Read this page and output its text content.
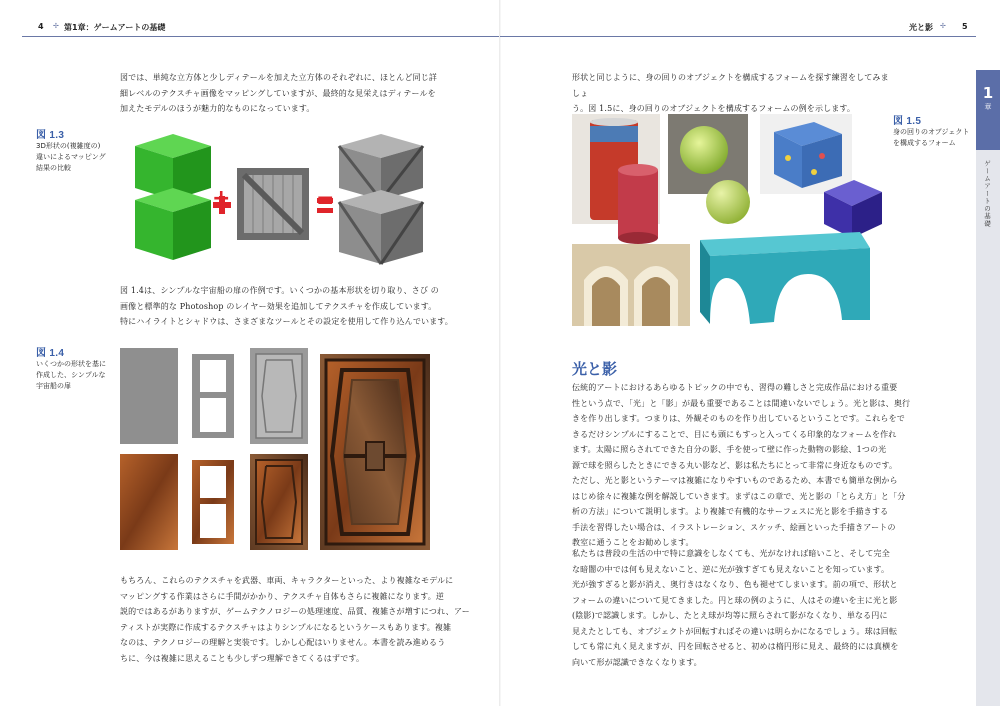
4 ✢ 第1章：ゲームアートの基礎

図では、単純な立方体と少しディテールを加えた立方体のそれぞれに、ほとんど同じ詳
細レベルのテクスチャ画像をマッピングしていますが、最終的な見栄えはディテールを
加えたモデルのほうが魅力的なものになっています。

図 1.3
3D形状の(複雑度の)
違いによるマッピング
結果の比較
+	=

図 1.4は、シンプルな宇宙船の扉の作例です。いくつかの基本形状を切り取り、さび の
画像と標準的な Photoshop のレイヤー効果を追加してテクスチャを作成しています。
特にハイライトとシャドウは、さまざまなツールとその設定を使用して作り込んでいます。

図 1.4
いくつかの形状を基に
作成した、シンプルな
宇宙船の扉

もちろん、これらのテクスチャを武器、車両、キャラクターといった、より複雑なモデルに
マッピングする作業はさらに手間がかかり、テクスチャ自体もさらに複雑になります。逆
説的ではあるがありますが、ゲームテクノロジーの処理速度、品質、複雑さが増すにつれ、アー
ティストが実際に作成するテクスチャはよりシンプルになるというケースもあります。複雑
なのは、テクノロジーの理解と実装です。しかし心配はいりません。本書を読み進めるう
ちに、今は複雑に思えることも少しずつ理解できてくるはずです。

光と影 ✢ 5

形状と同じように、身の回りのオブジェクトを構成するフォームを探す練習をしてみましょ
う。図 1.5に、身の回りのオブジェクトを構成するフォームの例を示します。

図 1.5
身の回りのオブジェクト
を構成するフォーム
光と影

伝統的アートにおけるあらゆるトピックの中でも、習得の難しさと完成作品における重要
性という点で、「光」と「影」が最も重要であることは間違いないでしょう。光と影は、奥行
きを作り出します。つまりは、外観そのものを作り出しているということです。これらをで
きるだけシンプルにすることで、目にも頭にもすっと入ってくる印象的なフォームを作れ
ます。太陽に照らされてできた自分の影、手を使って壁に作った動物の影絵、1つの光
源で球を照らしたときにできる丸い影など、影は私たちにとって非常に身近なものです。
ただし、光と影というテーマは複雑になりやすいものであるため、本書でも簡単な例から
はじめ徐々に複雑な例を解説していきます。まずはこの章で、光と影の「とらえ方」と「分
析の方法」について説明します。より複雑で有機的なサーフェスに光と影を手描きする
手法を習得したい場合は、イラストレーション、スケッチ、絵画といった手描きアートの
教室に通うことをお勧めします。

私たちは普段の生活の中で特に意識をしなくても、光がなければ暗いこと、そして完全
な暗闇の中では何も見えないこと、逆に光が強すぎても見えないことを知っています。
光が強すぎると影が消え、奥行きはなくなり、色も褪せてしまいます。前の項で、形状と
フォームの違いについて見てきました。円と球の例のように、人はその違いを主に光と影
(陰影)で認識します。しかし、たとえ球が均等に照らされて影がなくなり、単なる円に
見えたとしても、オブジェクトが回転すればその違いは明らかになるでしょう。球は回転
しても常に丸く見えますが、円を回転させると、初めは楕円形に見え、最終的には真横を
向いて形が認識できなくなります。

1
章
ゲームアートの基礎
